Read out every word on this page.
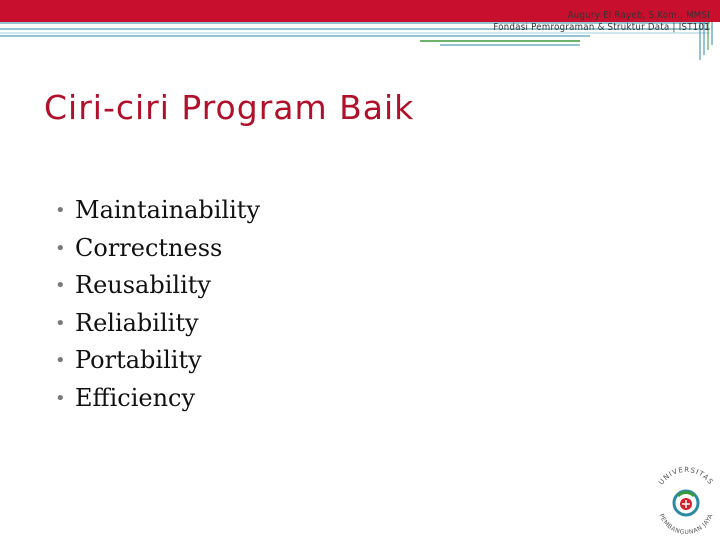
Augury El Rayeb, S.Kom., MMSI
Fondasi Pemrograman & Struktur Data | IST101
Ciri-ciri Program Baik
• Maintainability
• Correctness
• Reusability
• Reliability
• Portability
• Efficiency
UNIVERSITAS
PEMBANGUNAN JAYA
